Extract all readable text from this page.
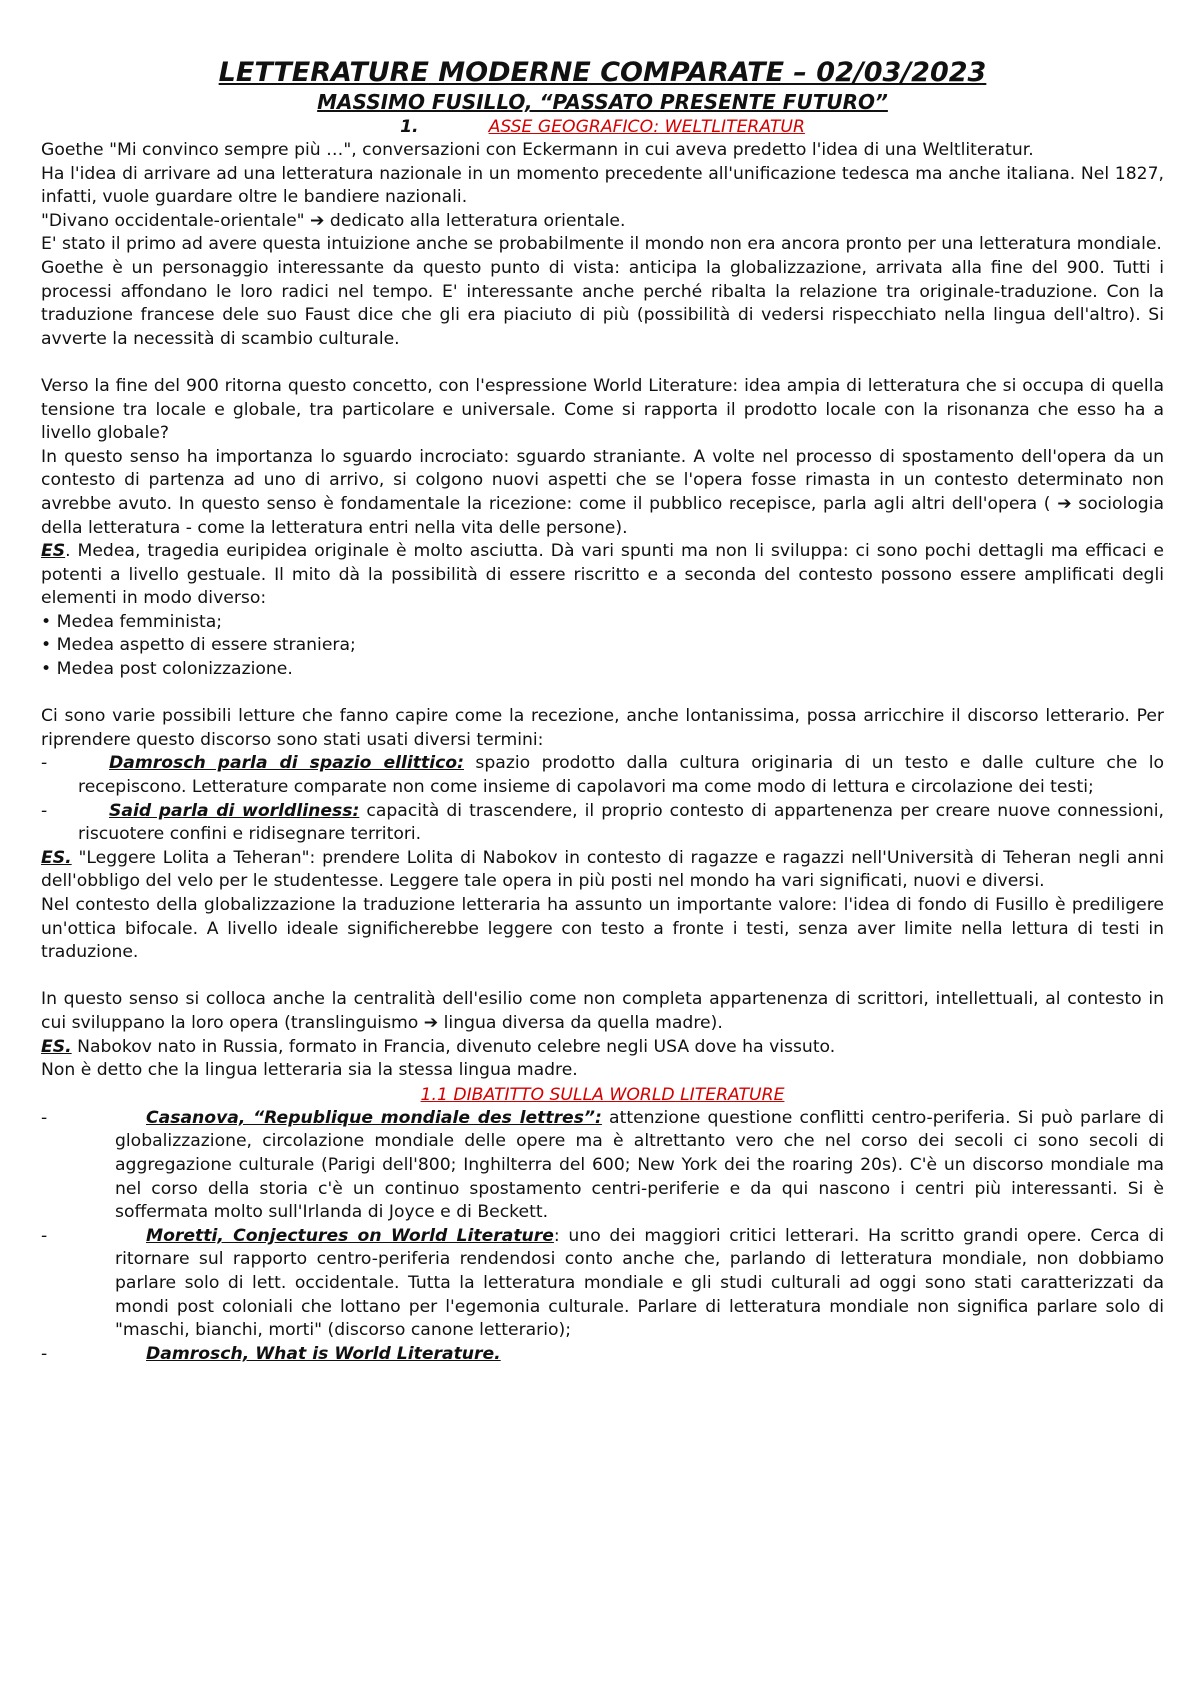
LETTERATURE MODERNE COMPARATE – 02/03/2023
MASSIMO FUSILLO, “PASSATO PRESENTE FUTURO”
1.	ASSE GEOGRAFICO: WELTLITERATUR

Goethe "Mi convinco sempre più …", conversazioni con Eckermann in cui aveva predetto l'idea di una Weltliteratur.

Ha l'idea di arrivare ad una letteratura nazionale in un momento precedente all'unificazione tedesca ma anche italiana. Nel 1827, infatti, vuole guardare oltre le bandiere nazionali.

"Divano occidentale-orientale" ➔ dedicato alla letteratura orientale.

E' stato il primo ad avere questa intuizione anche se probabilmente il mondo non era ancora pronto per una letteratura mondiale.

Goethe è un personaggio interessante da questo punto di vista: anticipa la globalizzazione, arrivata alla fine del 900. Tutti i processi affondano le loro radici nel tempo. E' interessante anche perché ribalta la relazione tra originale-traduzione. Con la traduzione francese dele suo Faust dice che gli era piaciuto di più (possibilità di vedersi rispecchiato nella lingua dell'altro). Si avverte la necessità di scambio culturale.

Verso la fine del 900 ritorna questo concetto, con l'espressione World Literature: idea ampia di letteratura che si occupa di quella tensione tra locale e globale, tra particolare e universale. Come si rapporta il prodotto locale con la risonanza che esso ha a livello globale?

In questo senso ha importanza lo sguardo incrociato: sguardo straniante. A volte nel processo di spostamento dell'opera da un contesto di partenza ad uno di arrivo, si colgono nuovi aspetti che se l'opera fosse rimasta in un contesto determinato non avrebbe avuto. In questo senso è fondamentale la ricezione: come il pubblico recepisce, parla agli altri dell'opera ( ➔ sociologia della letteratura - come la letteratura entri nella vita delle persone).

ES. Medea, tragedia euripidea originale è molto asciutta. Dà vari spunti ma non li sviluppa: ci sono pochi dettagli ma efficaci e potenti a livello gestuale. Il mito dà la possibilità di essere riscritto e a seconda del contesto possono essere amplificati degli elementi in modo diverso:

• Medea femminista;
• Medea aspetto di essere straniera;
• Medea post colonizzazione.

Ci sono varie possibili letture che fanno capire come la recezione, anche lontanissima, possa arricchire il discorso letterario. Per riprendere questo discorso sono stati usati diversi termini:

-	Damrosch parla di spazio ellittico: spazio prodotto dalla cultura originaria di un testo e dalle culture che lo recepiscono. Letterature comparate non come insieme di capolavori ma come modo di lettura e circolazione dei testi;
-	Said parla di worldliness: capacità di trascendere, il proprio contesto di appartenenza per creare nuove connessioni, riscuotere confini e ridisegnare territori.

ES. "Leggere Lolita a Teheran": prendere Lolita di Nabokov in contesto di ragazze e ragazzi nell'Università di Teheran negli anni dell'obbligo del velo per le studentesse. Leggere tale opera in più posti nel mondo ha vari significati, nuovi e diversi.

Nel contesto della globalizzazione la traduzione letteraria ha assunto un importante valore: l'idea di fondo di Fusillo è prediligere un'ottica bifocale. A livello ideale significherebbe leggere con testo a fronte i testi, senza aver limite nella lettura di testi in traduzione.

In questo senso si colloca anche la centralità dell'esilio come non completa appartenenza di scrittori, intellettuali, al contesto in cui sviluppano la loro opera (translinguismo ➔ lingua diversa da quella madre).

ES. Nabokov nato in Russia, formato in Francia, divenuto celebre negli USA dove ha vissuto.

Non è detto che la lingua letteraria sia la stessa lingua madre.

1.1 DIBATITTO SULLA WORLD LITERATURE
-	Casanova, “Republique mondiale des lettres”: attenzione questione conflitti centro-periferia. Si può parlare di globalizzazione, circolazione mondiale delle opere ma è altrettanto vero che nel corso dei secoli ci sono secoli di aggregazione culturale (Parigi dell'800; Inghilterra del 600; New York dei the roaring 20s). C'è un discorso mondiale ma nel corso della storia c'è un continuo spostamento centri-periferie e da qui nascono i centri più interessanti. Si è soffermata molto sull'Irlanda di Joyce e di Beckett.
-	Moretti, Conjectures on World Literature: uno dei maggiori critici letterari. Ha scritto grandi opere. Cerca di ritornare sul rapporto centro-periferia rendendosi conto anche che, parlando di letteratura mondiale, non dobbiamo parlare solo di lett. occidentale. Tutta la letteratura mondiale e gli studi culturali ad oggi sono stati caratterizzati da mondi post coloniali che lottano per l'egemonia culturale. Parlare di letteratura mondiale non significa parlare solo di "maschi, bianchi, morti" (discorso canone letterario);
-	Damrosch, What is World Literature.
